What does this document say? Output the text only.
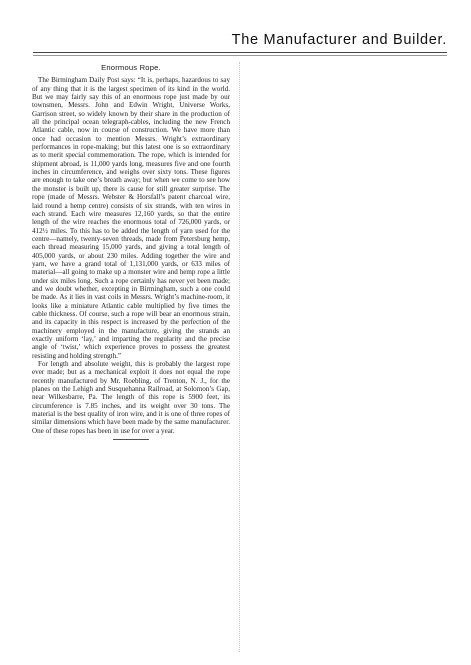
The Manufacturer and Builder.
Enormous Rope.

The Birmingham Daily Post says: “It is, perhaps, hazardous to say of any thing that it is the largest specimen of its kind in the world. But we may fairly say this of an enormous rope just made by our townsmen, Messrs. John and Edwin Wright, Universe Works, Garrison street, so widely known by their share in the production of all the principal ocean telegraph-cables, including the new French Atlantic cable, now in course of construction. We have more than once had occasion to mention Messrs. Wright’s extraordinary performances in rope-making; but this latest one is so extraordinary as to merit special commemoration. The rope, which is intended for shipment abroad, is 11,000 yards long, measures five and one fourth inches in circumference, and weighs over sixty tons. These figures are enough to take one’s breath away; but when we come to see how the monster is built up, there is cause for still greater surprise. The rope (made of Messrs. Webster & Horsfall’s patent charcoal wire, laid round a hemp centre) consists of six strands, with ten wires in each strand. Each wire measures 12,160 yards, so that the entire length of the wire reaches the enormous total of 726,000 yards, or 412½ miles. To this has to be added the length of yarn used for the centre—namely, twenty-seven threads, made from Petersburg hemp, each thread measuring 15,000 yards, and giving a total length of 405,000 yards, or about 230 miles. Adding together the wire and yarn, we have a grand total of 1,131,000 yards, or 633 miles of material—all going to make up a monster wire and hemp rope a little under six miles long. Such a rope certainly has never yet been made; and we doubt whether, excepting in Birmingham, such a one could be made. As it lies in vast coils in Messrs. Wright’s machine-room, it looks like a miniature Atlantic cable multiplied by five times the cable thickness. Of course, such a rope will bear an enormous strain, and its capacity in this respect is increased by the perfection of the machinery employed in the manufacture, giving the strands an exactly uniform ‘lay,’ and imparting the regularity and the precise angle of ‘twist,’ which experience proves to possess the greatest resisting and holding strength.”

For length and absolute weight, this is probably the largest rope ever made; but as a mechanical exploit it does not equal the rope recently manufactured by Mr. Roebling, of Trenton, N. J., for the planes on the Lehigh and Susquehanna Railroad, at Solomon’s Gap, near Wilkesbarre, Pa. The length of this rope is 5900 feet, its circumference is 7.85 inches, and its weight over 30 tons. The material is the best quality of iron wire, and it is one of three ropes of similar dimensions which have been made by the same manufacturer. One of these ropes has been in use for over a year.
